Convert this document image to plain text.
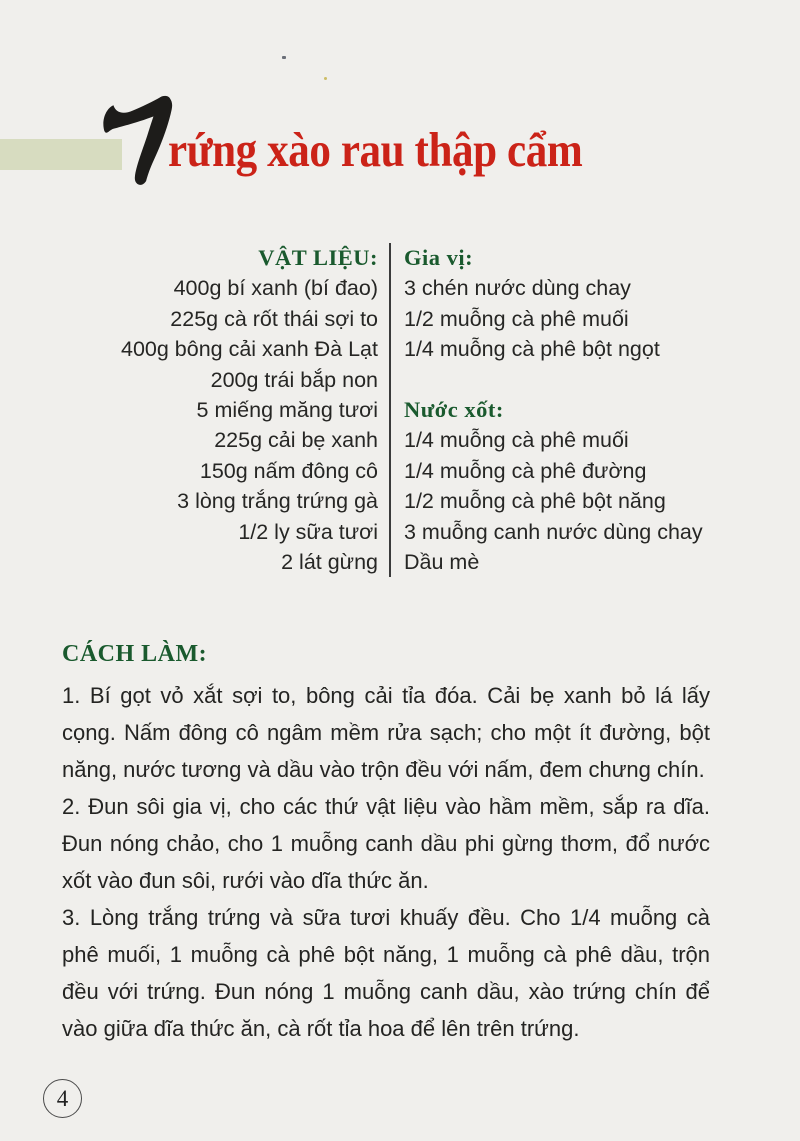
rứng xào rau thập cẩm
VẬT LIỆU:
400g bí xanh (bí đao)
225g cà rốt thái sợi to
400g bông cải xanh Đà Lạt
200g trái bắp non
5 miếng măng tươi
225g cải bẹ xanh
150g nấm đông cô
3 lòng trắng trứng gà
1/2 ly sữa tươi
2 lát gừng
Gia vị:
3 chén nước dùng chay
1/2 muỗng cà phê muối
1/4 muỗng cà phê bột ngọt
Nước xốt:
1/4 muỗng cà phê muối
1/4 muỗng cà phê đường
1/2 muỗng cà phê bột năng
3 muỗng canh nước dùng chay
Dầu mè
CÁCH LÀM:

1. Bí gọt vỏ xắt sợi to, bông cải tỉa đóa. Cải bẹ xanh bỏ lá lấy cọng. Nấm đông cô ngâm mềm rửa sạch; cho một ít đường, bột năng, nước tương và dầu vào trộn đều với nấm, đem chưng chín.

2. Đun sôi gia vị, cho các thứ vật liệu vào hầm mềm, sắp ra dĩa. Đun nóng chảo, cho 1 muỗng canh dầu phi gừng thơm, đổ nước xốt vào đun sôi, rưới vào dĩa thức ăn.

3. Lòng trắng trứng và sữa tươi khuấy đều. Cho 1/4 muỗng cà phê muối, 1 muỗng cà phê bột năng, 1 muỗng cà phê dầu, trộn đều với trứng. Đun nóng 1 muỗng canh dầu, xào trứng chín để vào giữa dĩa thức ăn, cà rốt tỉa hoa để lên trên trứng.

4
